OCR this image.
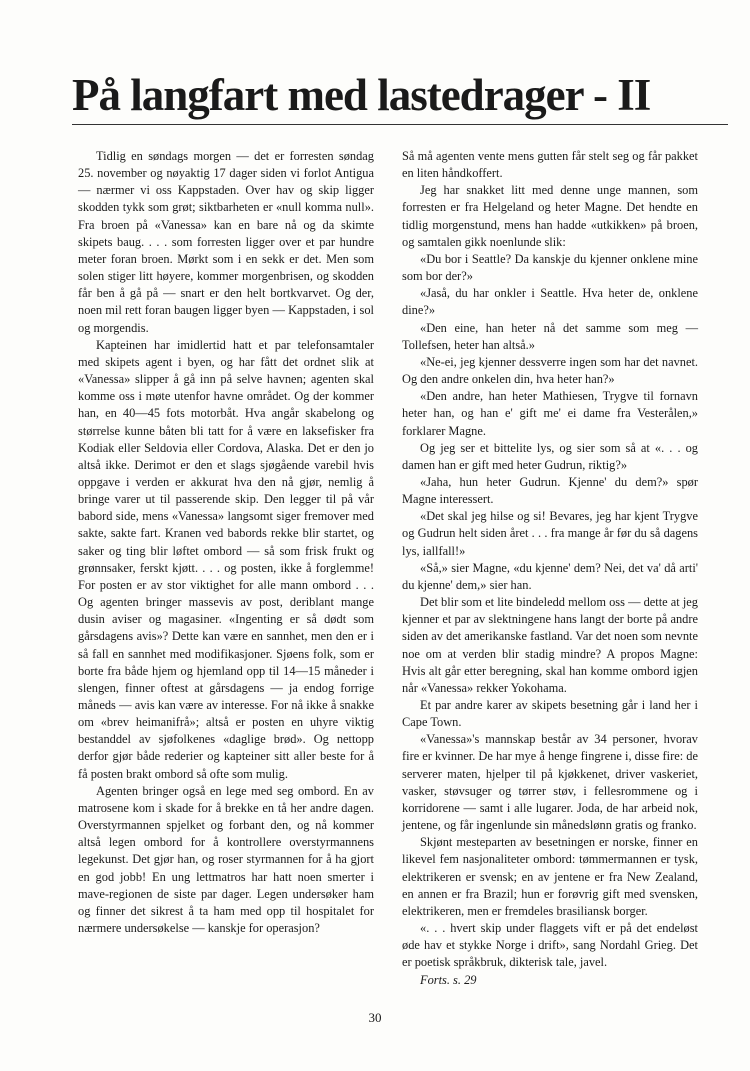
På langfart med lastedrager - II

Tidlig en søndags morgen — det er forresten søndag 25. november og nøyaktig 17 dager siden vi forlot Antigua — nærmer vi oss Kappstaden. Over hav og skip ligger skodden tykk som grøt; siktbarheten er «null komma null». Fra broen på «Vanessa» kan en bare nå og da skimte skipets baug. . . . som forresten ligger over et par hundre meter foran broen. Mørkt som i en sekk er det. Men som solen stiger litt høyere, kommer morgenbrisen, og skodden får ben å gå på — snart er den helt bortkvarvet. Og der, noen mil rett foran baugen ligger byen — Kappstaden, i sol og morgendis.

Kapteinen har imidlertid hatt et par telefonsamtaler med skipets agent i byen, og har fått det ordnet slik at «Vanessa» slipper å gå inn på selve havnen; agenten skal komme oss i møte utenfor havne området. Og der kommer han, en 40—45 fots motorbåt. Hva angår skabelong og størrelse kunne båten bli tatt for å være en laksefisker fra Kodiak eller Seldovia eller Cordova, Alaska. Det er den jo altså ikke. Derimot er den et slags sjøgående varebil hvis oppgave i verden er akkurat hva den nå gjør, nemlig å bringe varer ut til passerende skip. Den legger til på vår babord side, mens «Vanessa» langsomt siger fremover med sakte, sakte fart. Kranen ved babords rekke blir startet, og saker og ting blir løftet ombord — så som frisk frukt og grønnsaker, ferskt kjøtt. . . . og posten, ikke å forglemme! For posten er av stor viktighet for alle mann ombord . . . Og agenten bringer massevis av post, deriblant mange dusin aviser og magasiner. «Ingenting er så dødt som gårsdagens avis»? Dette kan være en sannhet, men den er i så fall en sannhet med modifikasjoner. Sjøens folk, som er borte fra både hjem og hjemland opp til 14—15 måneder i slengen, finner oftest at gårsdagens — ja endog forrige måneds — avis kan være av interesse. For nå ikke å snakke om «brev heimanifrå»; altså er posten en uhyre viktig bestanddel av sjøfolkenes «daglige brød». Og nettopp derfor gjør både rederier og kapteiner sitt aller beste for å få posten brakt ombord så ofte som mulig.

Agenten bringer også en lege med seg ombord. En av matrosene kom i skade for å brekke en tå her andre dagen. Overstyrmannen spjelket og forbant den, og nå kommer altså legen ombord for å kontrollere overstyrmannens legekunst. Det gjør han, og roser styrmannen for å ha gjort en god jobb! En ung lettmatros har hatt noen smerter i mave-regionen de siste par dager. Legen undersøker ham og finner det sikrest å ta ham med opp til hospitalet for nærmere undersøkelse — kanskje for operasjon?

Så må agenten vente mens gutten får stelt seg og får pakket en liten håndkoffert.

Jeg har snakket litt med denne unge mannen, som forresten er fra Helgeland og heter Magne. Det hendte en tidlig morgenstund, mens han hadde «utkikken» på broen, og samtalen gikk noenlunde slik:

«Du bor i Seattle? Da kanskje du kjenner onklene mine som bor der?»

«Jaså, du har onkler i Seattle. Hva heter de, onklene dine?»

«Den eine, han heter nå det samme som meg — Tollefsen, heter han altså.»

«Ne-ei, jeg kjenner dessverre ingen som har det navnet. Og den andre onkelen din, hva heter han?»

«Den andre, han heter Mathiesen, Trygve til fornavn heter han, og han e' gift me' ei dame fra Vesterålen,» forklarer Magne.

Og jeg ser et bittelite lys, og sier som så at «. . . og damen han er gift med heter Gudrun, riktig?»

«Jaha, hun heter Gudrun. Kjenne' du dem?» spør Magne interessert.

«Det skal jeg hilse og si! Bevares, jeg har kjent Trygve og Gudrun helt siden året . . . fra mange år før du så dagens lys, iallfall!»

«Så,» sier Magne, «du kjenne' dem? Nei, det va' då arti' du kjenne' dem,» sier han.

Det blir som et lite bindeledd mellom oss — dette at jeg kjenner et par av slektningene hans langt der borte på andre siden av det amerikanske fastland. Var det noen som nevnte noe om at verden blir stadig mindre? A propos Magne: Hvis alt går etter beregning, skal han komme ombord igjen når «Vanessa» rekker Yokohama.

Et par andre karer av skipets besetning går i land her i Cape Town.

«Vanessa»'s mannskap består av 34 personer, hvorav fire er kvinner. De har mye å henge fingrene i, disse fire: de serverer maten, hjelper til på kjøkkenet, driver vaskeriet, vasker, støvsuger og tørrer støv, i fellesrommene og i korridorene — samt i alle lugarer. Joda, de har arbeid nok, jentene, og får ingenlunde sin månedslønn gratis og franko.

Skjønt mesteparten av besetningen er norske, finner en likevel fem nasjonaliteter ombord: tømmermannen er tysk, elektrikeren er svensk; en av jentene er fra New Zealand, en annen er fra Brazil; hun er forøvrig gift med svensken, elektrikeren, men er fremdeles brasiliansk borger.

«. . . hvert skip under flaggets vift er på det endeløst øde hav et stykke Norge i drift», sang Nordahl Grieg. Det er poetisk språkbruk, dikterisk tale, javel.

Forts. s. 29

30
